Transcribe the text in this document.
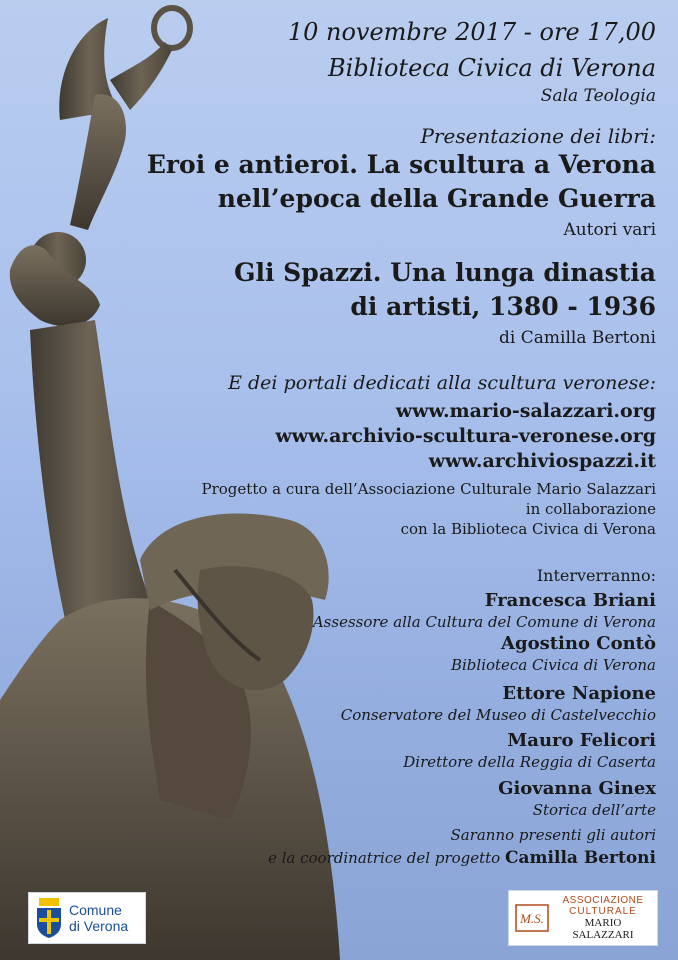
10 novembre 2017 - ore 17,00

Biblioteca Civica di Verona

Sala Teologia

Presentazione dei libri:

Eroi e antieroi. La scultura a Verona

nell’epoca della Grande Guerra

Autori vari

Gli Spazzi. Una lunga dinastia

di artisti, 1380 - 1936

di Camilla Bertoni

E dei portali dedicati alla scultura veronese:

www.mario-salazzari.org

www.archivio-scultura-veronese.org

www.archiviospazzi.it

Progetto a cura dell’Associazione Culturale Mario Salazzari

in collaborazione

con la Biblioteca Civica di Verona

Interverranno:

Francesca Briani

Assessore alla Cultura del Comune di Verona

Agostino Contò

Biblioteca Civica di Verona

Ettore Napione

Conservatore del Museo di Castelvecchio

Mauro Felicori

Direttore della Reggia di Caserta

Giovanna Ginex

Storica dell’arte

Saranno presenti gli autori

e la coordinatrice del progetto Camilla Bertoni

Comune
di Verona	M.S.
ASSOCIAZIONE
CULTURALE
MARIO SALAZZARI
